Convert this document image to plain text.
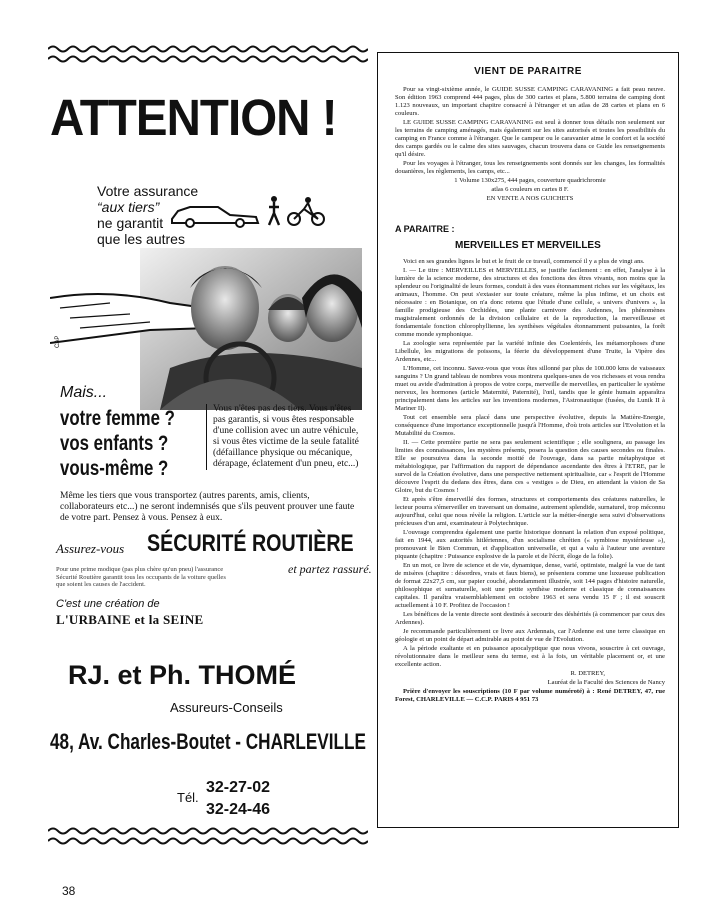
ATTENTION !
Votre assurance
“aux tiers”
ne garantit
que les autres
CAP
Mais...
votre femme ?
vos enfants ?
vous-même ?
Vous n'êtes pas des tiers. Vous n'êtes pas garantis, si vous êtes responsable d'une collision avec un autre véhicule, si vous êtes victime de la seule fatalité (défaillance physique ou mécanique, dérapage, éclatement d'un pneu, etc...)
Même les tiers que vous transportez (autres parents, amis, clients, collaborateurs etc...) ne seront indemnisés que s'ils peuvent prouver une faute de votre part. Pensez à vous. Pensez à eux.
Assurez-vous SÉCURITÉ ROUTIÈRE
et partez rassuré.
Pour une prime modique (pas plus chère qu'un pneu) l'assurance Sécurité Routière garantit tous les occupants de la voiture quelles que soient les causes de l'accident.
C'est une création de
L'URBAINE et la SEINE
RJ. et Ph. THOMÉ
Assureurs-Conseils
48, Av. Charles-Boutet - CHARLEVILLE
Tél.
32-27-02
32-24-46
38
VIENT DE PARAITRE

Pour sa vingt-sixième année, le GUIDE SUSSE CAMPING CARAVANING a fait peau neuve. Son édition 1963 comprend 444 pages, plus de 300 cartes et plans, 5.800 terrains de camping dont 1.123 nouveaux, un important chapitre consacré à l'étranger et un atlas de 28 cartes et plans en 6 couleurs.

LE GUIDE SUSSE CAMPING CARAVANING est seul à donner tous détails non seulement sur les terrains de camping aménagés, mais également sur les sites autorisés et toutes les possibilités du camping en France comme à l'étranger. Que le campeur ou le caravanier aime le confort et la société des camps gardés ou le calme des sites sauvages, chacun trouvera dans ce Guide les renseignements qu'il désire.

Pour les voyages à l'étranger, tous les renseignements sont donnés sur les changes, les formalités douanières, les règlements, les camps, etc...

1 Volume 130x275, 444 pages, couverture quadrichromie

atlas 6 couleurs en cartes 8 F.

EN VENTE A NOS GUICHETS

A PARAITRE :
MERVEILLES ET MERVEILLES

Voici en ses grandes lignes le but et le fruit de ce travail, commencé il y a plus de vingt ans.

I. — Le titre : MERVEILLES et MERVEILLES, se justifie facilement : en effet, l'analyse à la lumière de la science moderne, des structures et des fonctions des êtres vivants, non moins que la splendeur ou l'originalité de leurs formes, conduit à des vues étonnamment riches sur les végétaux, les animaux, l'homme. On peut s'extasier sur toute créature, même la plus infime, et un choix est nécessaire : en Botanique, on n'a donc retenu que l'étude d'une cellule, « univers d'univers », la famille prodigieuse des Orchidées, une plante carnivore des Ardennes, les phénomènes magistralement ordonnés de la division cellulaire et de la reproduction, la merveilleuse et fondamentale fonction chlorophyllienne, les synthèses végétales étonnamment puissantes, la forêt comme monde symphonique.

La zoologie sera représentée par la variété infinie des Coelentérés, les métamorphoses d'une Libellule, les migrations de poissons, la féerie du développement d'une Truite, la Vipère des Ardennes, etc...

L'Homme, cet inconnu. Savez-vous que vous êtes sillonné par plus de 100.000 kms de vaisseaux sanguins ? Un grand tableau de nombres vous montrera quelques-unes de vos richesses et vous rendra muet ou avide d'admiration à propos de votre corps, merveille de merveilles, en particulier le système nerveux, les hormones (article Maternité, Paternité), l'œil, tandis que le génie humain apparaîtra principalement dans les articles sur les inventions modernes, l'Astronautique (fusées, du Lunik II à Mariner II).

Tout cet ensemble sera placé dans une perspective évolutive, depuis la Matière-Energie, conséquence d'une importance exceptionnelle jusqu'à l'Homme, d'où trois articles sur l'Evolution et la Mutabilité du Cosmos.

II. — Cette première partie ne sera pas seulement scientifique ; elle soulignera, au passage les limites des connaissances, les mystères présents, posera la question des causes secondes ou finales. Elle se poursuivra dans la seconde moitié de l'ouvrage, dans sa partie métaphysique et métabiologique, par l'affirmation du rapport de dépendance ascendante des êtres à l'ETRE, par le survol de la Création évolutive, dans une perspective nettement spiritualiste, car « l'esprit de l'Homme découvre l'esprit du dedans des êtres, dans ces « vestiges » de Dieu, en attendant la vision de Sa Gloire, but du Cosmos !

Et après s'être émerveillé des formes, structures et comportements des créatures naturelles, le lecteur pourra s'émerveiller en traversant un domaine, autrement splendide, surnaturel, trop méconnu aujourd'hui, celui que nous révèle la religion. L'article sur la métier-énergie sera suivi d'observations précieuses d'un ami, examinateur à Polytechnique.

L'ouvrage comprendra également une partie historique donnant la relation d'un exposé politique, fait en 1944, aux autorités hitlériennes, d'un socialisme chrétien (« symbiose mystérieuse »), promouvant le Bien Commun, et d'application universelle, et qui a valu à l'auteur une aventure piquante (chapitre : Puissance explosive de la parole et de l'écrit, éloge de la folie).

En un mot, ce livre de science et de vie, dynamique, dense, varié, optimiste, malgré la vue de tant de misères (chapitre : désordres, vrais et faux biens), se présentera comme une luxueuse publication de format 22x27,5 cm, sur papier couché, abondamment illustrée, soit 144 pages d'histoire naturelle, philosophique et surnaturelle, soit une petite synthèse moderne et classique de connaissances capitales. Il paraîtra vraisemblablement en octobre 1963 et sera vendu 15 F ; il est souscrit actuellement à 10 F. Profitez de l'occasion !

Les bénéfices de la vente directe sont destinés à secourir des déshérités (à commencer par ceux des Ardennes).

Je recommande particulièrement ce livre aux Ardennais, car l'Ardenne est une terre classique en géologie et un point de départ admirable au point de vue de l'Evolution.

A la période exaltante et en puissance apocalyptique que nous vivons, souscrire à cet ouvrage, révolutionnaire dans le meilleur sens du terme, est à la fois, un véritable placement or, et une excellente action.

R. DETREY,

Lauréat de la Faculté des Sciences de Nancy

Prière d'envoyer les souscriptions (10 F par volume numéroté) à : René DETREY, 47, rue Forest, CHARLEVILLE — C.C.P. PARIS 4 951 73
